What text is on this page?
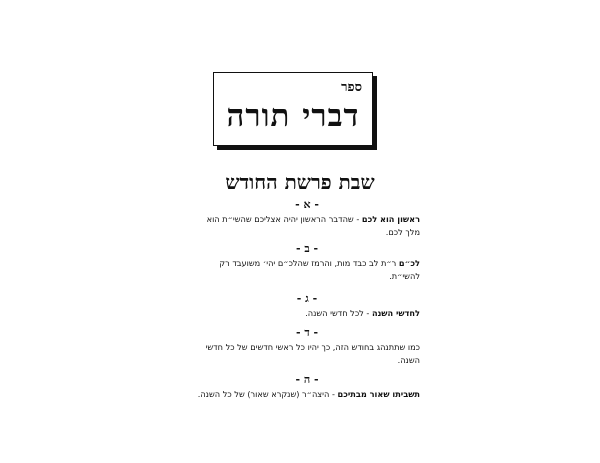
ספר
דברי תורה
שבת פרשת החודש
- א -
ראשון הוא לכם - שהדבר הראשון יהיה אצליכם שהשי״ת הוא מלך לכם.
- ב -
לכ״ם ר״ת לב כבד מות, והרמז שהלכ״ם יהי׳ משועבד רק להשי״ת.
- ג -
לחדשי השנה - לכל חדשי השנה.
- ד -
כמו שתתנהג בחודש הזה, כך יהיו כל ראשי חדשים של כל חדשי השנה.
- ה -
תשביתו שאור מבתיכם - היצה״ר (שנקרא שאור) של כל השנה.
